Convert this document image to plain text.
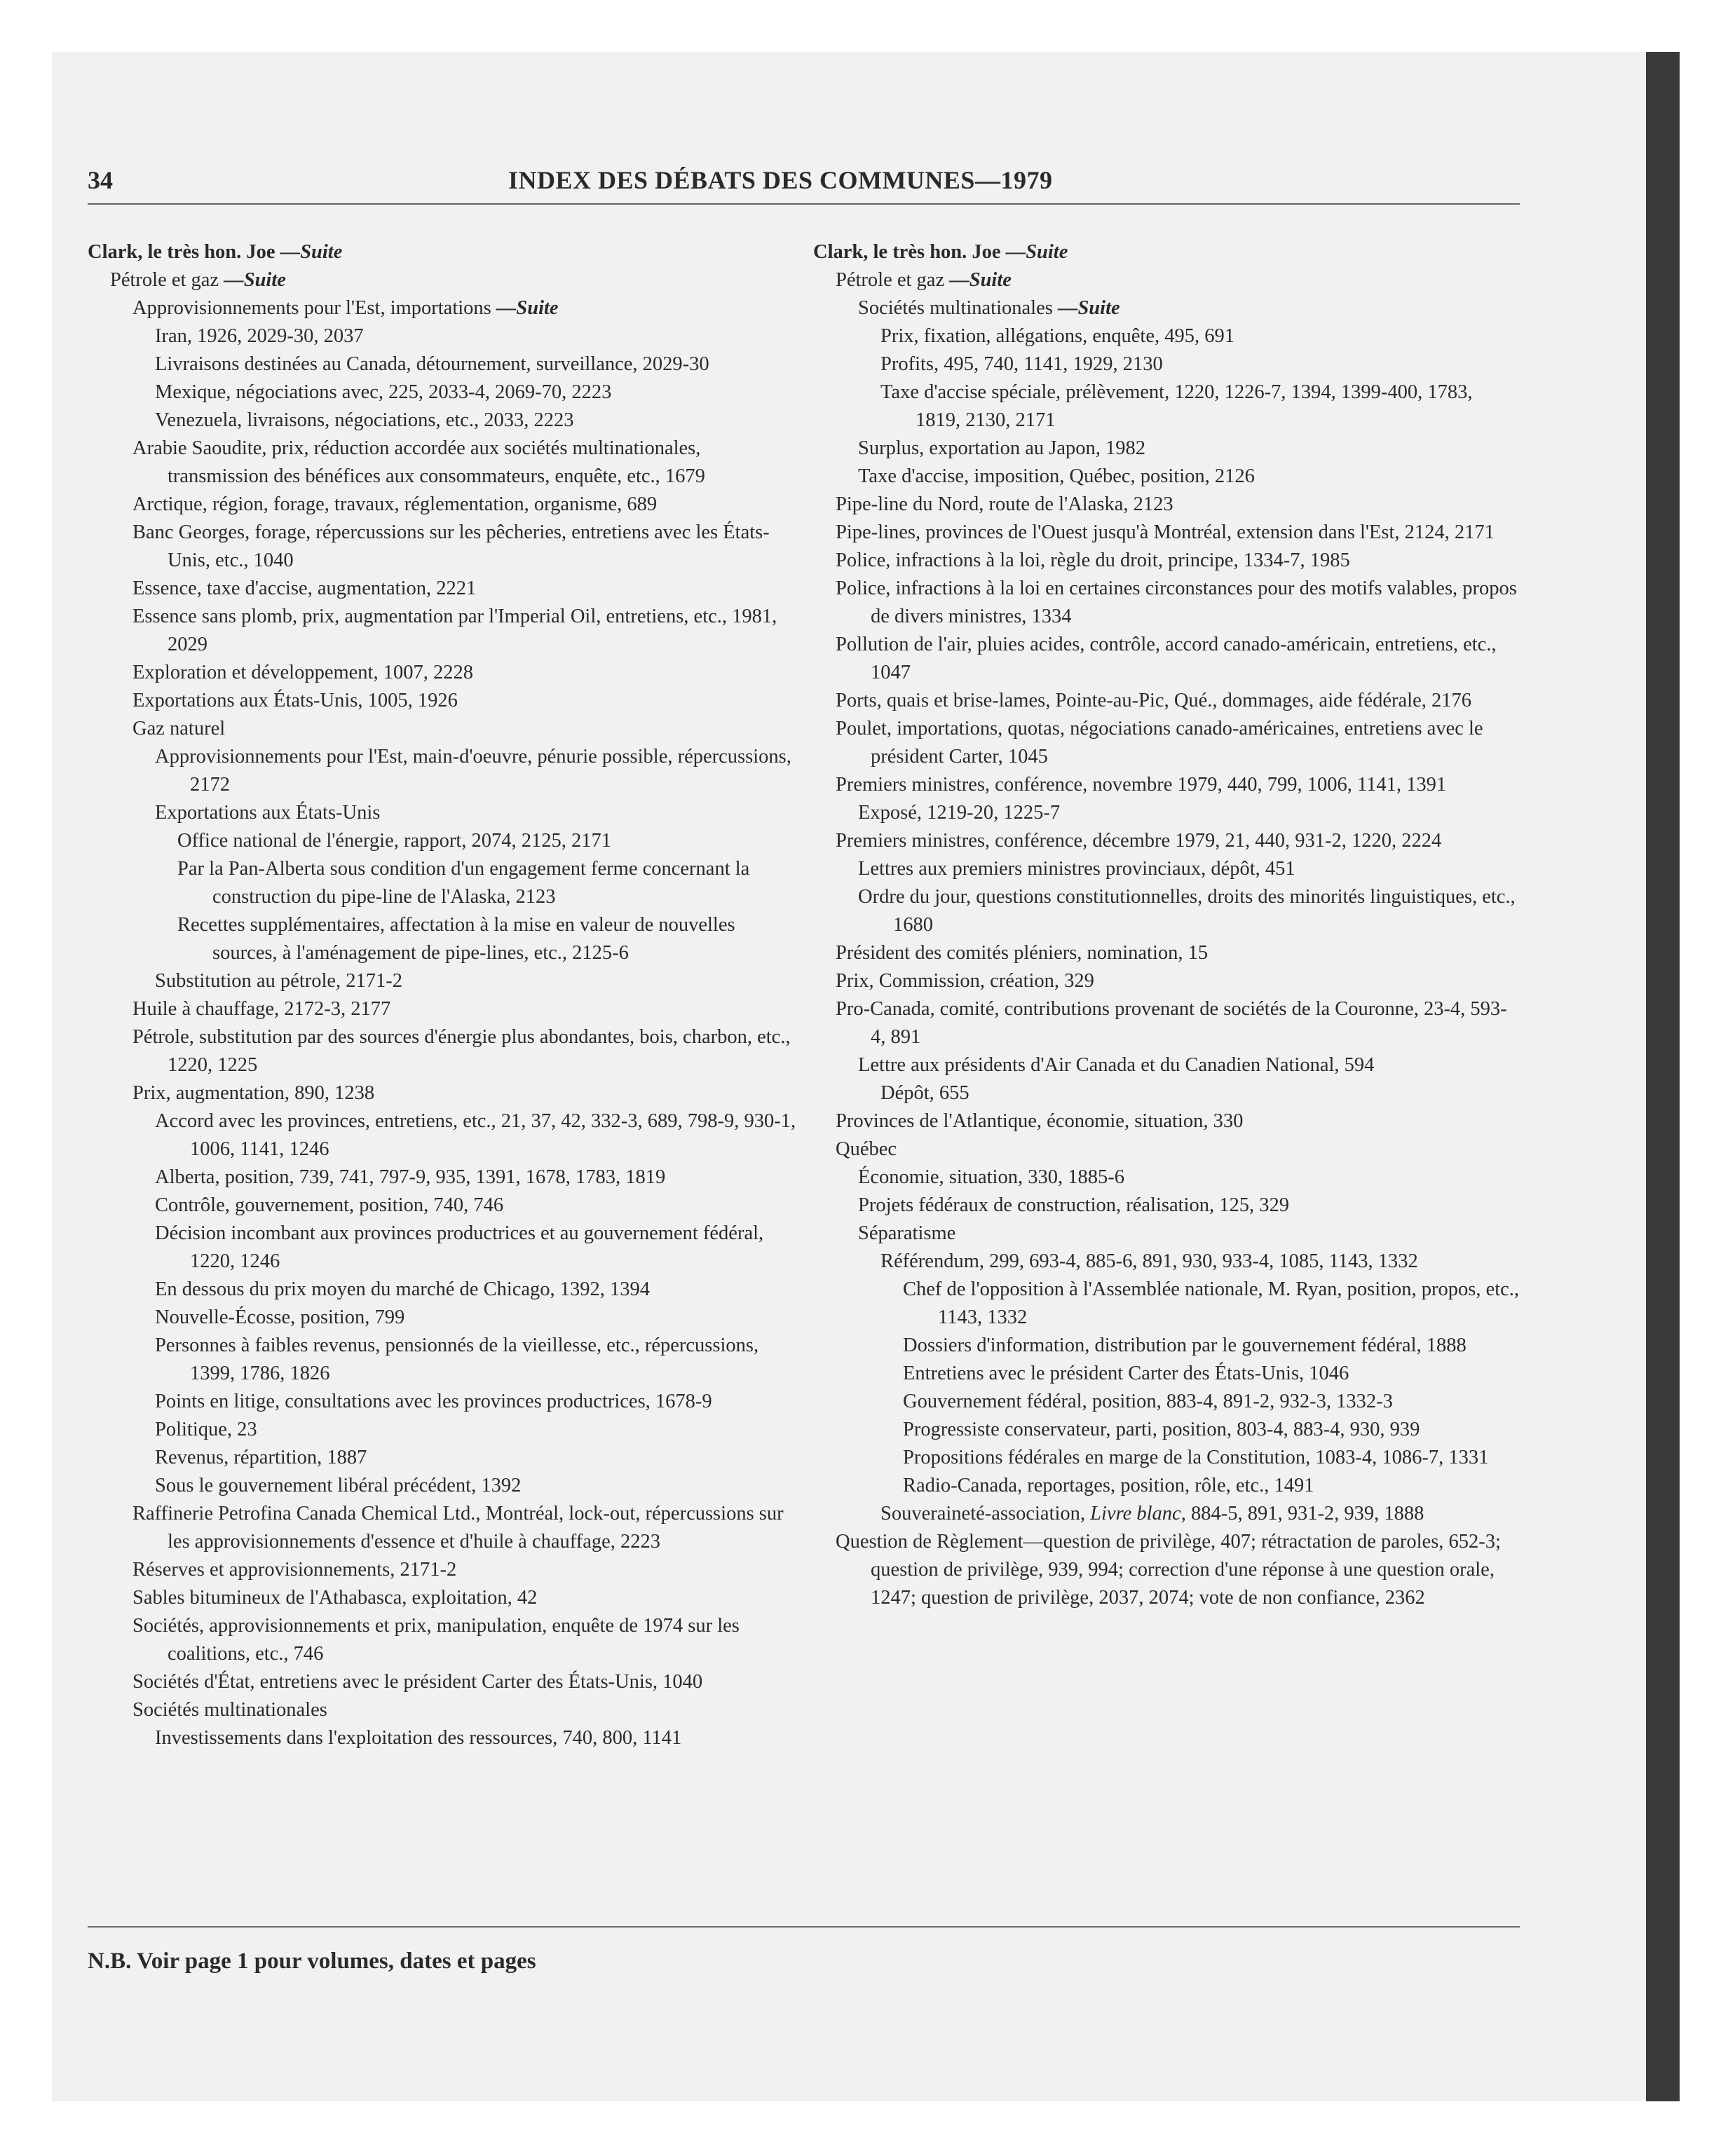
34	INDEX DES DÉBATS DES COMMUNES—1979
Clark, le très hon. Joe —Suite
Pétrole et gaz —Suite
Approvisionnements pour l'Est, importations —Suite
Iran, 1926, 2029-30, 2037
Livraisons destinées au Canada, détournement, surveillance, 2029-30
Mexique, négociations avec, 225, 2033-4, 2069-70, 2223
Venezuela, livraisons, négociations, etc., 2033, 2223
Arabie Saoudite, prix, réduction accordée aux sociétés multinationales, transmission des bénéfices aux consommateurs, enquête, etc., 1679
Arctique, région, forage, travaux, réglementation, organisme, 689
Banc Georges, forage, répercussions sur les pêcheries, entretiens avec les États-Unis, etc., 1040
Essence, taxe d'accise, augmentation, 2221
Essence sans plomb, prix, augmentation par l'Imperial Oil, entretiens, etc., 1981, 2029
Exploration et développement, 1007, 2228
Exportations aux États-Unis, 1005, 1926
Gaz naturel
Approvisionnements pour l'Est, main-d'oeuvre, pénurie possible, répercussions, 2172
Exportations aux États-Unis
Office national de l'énergie, rapport, 2074, 2125, 2171
Par la Pan-Alberta sous condition d'un engagement ferme concernant la construction du pipe-line de l'Alaska, 2123
Recettes supplémentaires, affectation à la mise en valeur de nouvelles sources, à l'aménagement de pipe-lines, etc., 2125-6
Substitution au pétrole, 2171-2
Huile à chauffage, 2172-3, 2177
Pétrole, substitution par des sources d'énergie plus abondantes, bois, charbon, etc., 1220, 1225
Prix, augmentation, 890, 1238
Accord avec les provinces, entretiens, etc., 21, 37, 42, 332-3, 689, 798-9, 930-1, 1006, 1141, 1246
Alberta, position, 739, 741, 797-9, 935, 1391, 1678, 1783, 1819
Contrôle, gouvernement, position, 740, 746
Décision incombant aux provinces productrices et au gouvernement fédéral, 1220, 1246
En dessous du prix moyen du marché de Chicago, 1392, 1394
Nouvelle-Écosse, position, 799
Personnes à faibles revenus, pensionnés de la vieillesse, etc., répercussions, 1399, 1786, 1826
Points en litige, consultations avec les provinces productrices, 1678-9
Politique, 23
Revenus, répartition, 1887
Sous le gouvernement libéral précédent, 1392
Raffinerie Petrofina Canada Chemical Ltd., Montréal, lock-out, répercussions sur les approvisionnements d'essence et d'huile à chauffage, 2223
Réserves et approvisionnements, 2171-2
Sables bitumineux de l'Athabasca, exploitation, 42
Sociétés, approvisionnements et prix, manipulation, enquête de 1974 sur les coalitions, etc., 746
Sociétés d'État, entretiens avec le président Carter des États-Unis, 1040
Sociétés multinationales
Investissements dans l'exploitation des ressources, 740, 800, 1141
Clark, le très hon. Joe —Suite
Pétrole et gaz —Suite
Sociétés multinationales —Suite
Prix, fixation, allégations, enquête, 495, 691
Profits, 495, 740, 1141, 1929, 2130
Taxe d'accise spéciale, prélèvement, 1220, 1226-7, 1394, 1399-400, 1783, 1819, 2130, 2171
Surplus, exportation au Japon, 1982
Taxe d'accise, imposition, Québec, position, 2126
Pipe-line du Nord, route de l'Alaska, 2123
Pipe-lines, provinces de l'Ouest jusqu'à Montréal, extension dans l'Est, 2124, 2171
Police, infractions à la loi, règle du droit, principe, 1334-7, 1985
Police, infractions à la loi en certaines circonstances pour des motifs valables, propos de divers ministres, 1334
Pollution de l'air, pluies acides, contrôle, accord canado-américain, entretiens, etc., 1047
Ports, quais et brise-lames, Pointe-au-Pic, Qué., dommages, aide fédérale, 2176
Poulet, importations, quotas, négociations canado-américaines, entretiens avec le président Carter, 1045
Premiers ministres, conférence, novembre 1979, 440, 799, 1006, 1141, 1391
Exposé, 1219-20, 1225-7
Premiers ministres, conférence, décembre 1979, 21, 440, 931-2, 1220, 2224
Lettres aux premiers ministres provinciaux, dépôt, 451
Ordre du jour, questions constitutionnelles, droits des minorités linguistiques, etc., 1680
Président des comités pléniers, nomination, 15
Prix, Commission, création, 329
Pro-Canada, comité, contributions provenant de sociétés de la Couronne, 23-4, 593-4, 891
Lettre aux présidents d'Air Canada et du Canadien National, 594
Dépôt, 655
Provinces de l'Atlantique, économie, situation, 330
Québec
Économie, situation, 330, 1885-6
Projets fédéraux de construction, réalisation, 125, 329
Séparatisme
Référendum, 299, 693-4, 885-6, 891, 930, 933-4, 1085, 1143, 1332
Chef de l'opposition à l'Assemblée nationale, M. Ryan, position, propos, etc., 1143, 1332
Dossiers d'information, distribution par le gouvernement fédéral, 1888
Entretiens avec le président Carter des États-Unis, 1046
Gouvernement fédéral, position, 883-4, 891-2, 932-3, 1332-3
Progressiste conservateur, parti, position, 803-4, 883-4, 930, 939
Propositions fédérales en marge de la Constitution, 1083-4, 1086-7, 1331
Radio-Canada, reportages, position, rôle, etc., 1491
Souveraineté-association, Livre blanc, 884-5, 891, 931-2, 939, 1888
Question de Règlement—question de privilège, 407; rétractation de paroles, 652-3; question de privilège, 939, 994; correction d'une réponse à une question orale, 1247; question de privilège, 2037, 2074; vote de non confiance, 2362
N.B. Voir page 1 pour volumes, dates et pages
